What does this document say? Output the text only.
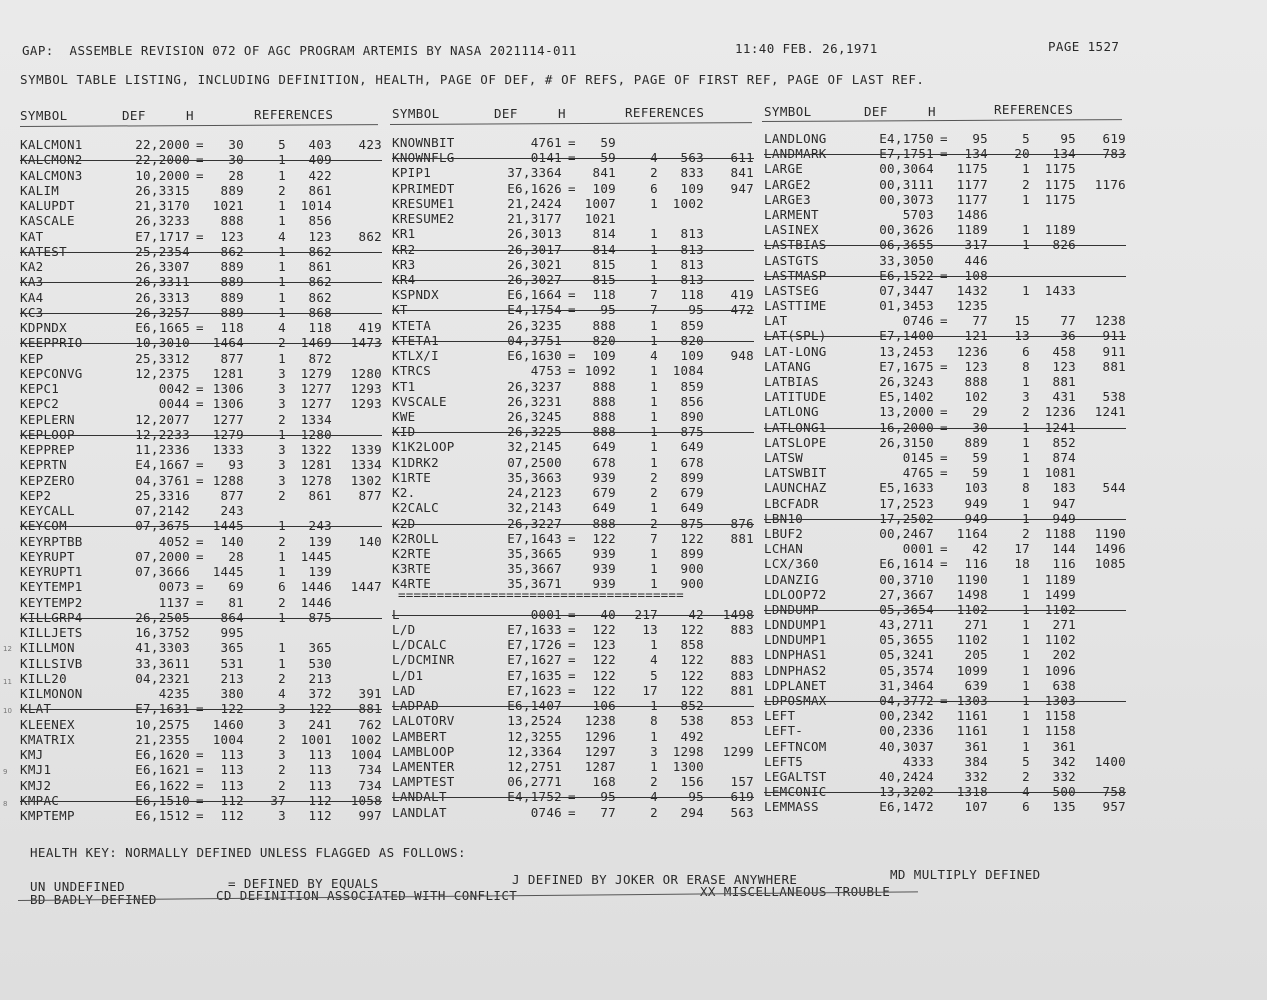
GAP:  ASSEMBLE REVISION 072 OF AGC PROGRAM ARTEMIS BY NASA 2021114-011	11:40 FEB. 26,1971	PAGE 1527
SYMBOL TABLE LISTING, INCLUDING DEFINITION, HEALTH, PAGE OF DEF, # OF REFS, PAGE OF FIRST REF, PAGE OF LAST REF.
SYMBOL	DEF	H	REFERENCES	SYMBOL	DEF	H	REFERENCES	SYMBOL	DEF	H	REFERENCES
KALCMON1	22,2000 =	30	5	403	423
KALCMON2	22,2000 =	30	1	409
KALCMON3	10,2000 =	28	1	422
KALIM	26,3315	889	2	861
KALUPDT	21,3170	1021	1	1014
KASCALE	26,3233	888	1	856
KAT	E7,1717 =	123	4	123	862
KATEST	25,2354	862	1	862
KA2	26,3307	889	1	861
KA3	26,3311	889	1	862
KA4	26,3313	889	1	862
KC3	26,3257	889	1	868
KDPNDX	E6,1665 =	118	4	118	419
KEEPPRIO	10,3010	1464	2	1469	1473
KEP	25,3312	877	1	872
KEPCONVG	12,2375	1281	3	1279	1280
KEPC1	0042 = 1306	3	1277	1293
KEPC2	0044 = 1306	3	1277	1293
KEPLERN	12,2077	1277	2	1334
KEPLOOP	12,2233	1279	1	1280
KEPPREP	11,2336	1333	3	1322	1339
KEPRTN	E4,1667 =	93	3	1281	1334
KEPZERO	04,3761 = 1288	3	1278	1302
KEP2	25,3316	877	2	861	877
KEYCALL	07,2142	243
KEYCOM	07,3675	1445	1	243
KEYRPTBB	4052 =	140	2	139	140
KEYRUPT	07,2000 =	28	1	1445
KEYRUPT1	07,3666	1445	1	139
KEYTEMP1	0073 =	69	6	1446	1447
KEYTEMP2	1137 =	81	2	1446
KILLGRP4	26,2505	864	1	875
KILLJETS	16,3752	995
KILLMON	41,3303	365	1	365
KILLSIVB	33,3611	531	1	530
KILL20	04,2321	213	2	213
KILMONON	4235	380	4	372	391
KLAT	E7,1631 =	122	3	122	881
KLEENEX	10,2575	1460	3	241	762
KMATRIX	21,2355	1004	2	1001	1002
KMJ	E6,1620 =	113	3	113	1004
KMJ1	E6,1621 =	113	2	113	734
KMJ2	E6,1622 =	113	2	113	734
KMPAC	E6,1510 =	112	37	112	1058
KMPTEMP	E6,1512 =	112	3	112	997
KNOWNBIT	4761 =	59
KNOWNFLG	0141 =	59	4	563	611
KPIP1	37,3364	841	2	833	841
KPRIMEDT	E6,1626 =	109	6	109	947
KRESUME1	21,2424	1007	1	1002
KRESUME2	21,3177	1021
KR1	26,3013	814	1	813
KR2	26,3017	814	1	813
KR3	26,3021	815	1	813
KR4	26,3027	815	1	813
KSPNDX	E6,1664 =	118	7	118	419
KT	E4,1754 =	95	7	95	472
KTETA	26,3235	888	1	859
KTETA1	04,3751	820	1	820
KTLX/I	E6,1630 =	109	4	109	948
KTRCS	4753 = 1092	1	1084
KT1	26,3237	888	1	859
KVSCALE	26,3231	888	1	856
KWE	26,3245	888	1	890
KID	26,3225	888	1	875
K1K2LOOP	32,2145	649	1	649
K1DRK2	07,2500	678	1	678
K1RTE	35,3663	939	2	899
K2.	24,2123	679	2	679
K2CALC	32,2143	649	1	649
K2D	26,3227	888	2	875	876
K2ROLL	E7,1643 =	122	7	122	881
K2RTE	35,3665	939	1	899
K3RTE	35,3667	939	1	900
K4RTE	35,3671	939	1	900
L	0001 =	40	217	42	1498
L/D	E7,1633 =	122	13	122	883
L/DCALC	E7,1726 =	123	1	858
L/DCMINR	E7,1627 =	122	4	122	883
L/D1	E7,1635 =	122	5	122	883
LAD	E7,1623 =	122	17	122	881
LADPAD	E6,1407	106	1	852
LALOTORV	13,2524	1238	8	538	853
LAMBERT	12,3255	1296	1	492
LAMBLOOP	12,3364	1297	3	1298	1299
LAMENTER	12,2751	1287	1	1300
LAMPTEST	06,2771	168	2	156	157
LANDALT	E4,1752 =	95	4	95	619
LANDLAT	0746 =	77	2	294	563
LANDLONG	E4,1750 =	95	5	95	619
LANDMARK	E7,1751 =	134	20	134	783
LARGE	00,3064	1175	1	1175
LARGE2	00,3111	1177	2	1175	1176
LARGE3	00,3073	1177	1	1175
LARMENT	5703	1486
LASINEX	00,3626	1189	1	1189
LASTBIAS	06,3655	317	1	826
LASTGTS	33,3050	446
LASTMASP	E6,1522 =	108
LASTSEG	07,3447	1432	1	1433
LASTTIME	01,3453	1235
LAT	0746 =	77	15	77	1238
LAT(SPL)	E7,1400	121	13	36	911
LAT-LONG	13,2453	1236	6	458	911
LATANG	E7,1675 =	123	8	123	881
LATBIAS	26,3243	888	1	881
LATITUDE	E5,1402	102	3	431	538
LATLONG	13,2000 =	29	2	1236	1241
LATLONG1	16,2000 =	30	1	1241
LATSLOPE	26,3150	889	1	852
LATSW	0145 =	59	1	874
LATSWBIT	4765 =	59	1	1081
LAUNCHAZ	E5,1633	103	8	183	544
LBCFADR	17,2523	949	1	947
LBN10	17,2502	949	1	949
LBUF2	00,2467	1164	2	1188	1190
LCHAN	0001 =	42	17	144	1496
LCX/360	E6,1614 =	116	18	116	1085
LDANZIG	00,3710	1190	1	1189
LDLOOP72	27,3667	1498	1	1499
LDNDUMP	05,3654	1102	1	1102
LDNDUMP1	43,2711	271	1	271
LDNDUMP1	05,3655	1102	1	1102
LDNPHAS1	05,3241	205	1	202
LDNPHAS2	05,3574	1099	1	1096
LDPLANET	31,3464	639	1	638
LDPOSMAX	04,3772 = 1303	1	1303
LEFT	00,2342	1161	1	1158
LEFT-	00,2336	1161	1	1158
LEFTNCOM	40,3037	361	1	361
LEFT5	4333	384	5	342	1400
LEGALTST	40,2424	332	2	332
LEMCONIC	13,3202	1318	4	500	758
LEMMASS	E6,1472	107	6	135	957
=====================================
HEALTH KEY: NORMALLY DEFINED UNLESS FLAGGED AS FOLLOWS:
UN UNDEFINED	= DEFINED BY EQUALS	J DEFINED BY JOKER OR ERASE ANYWHERE	MD MULTIPLY DEFINED
BD BADLY DEFINED	CD DEFINITION ASSOCIATED WITH CONFLICT	XX MISCELLANEOUS TROUBLE
12
11
10
9
8
